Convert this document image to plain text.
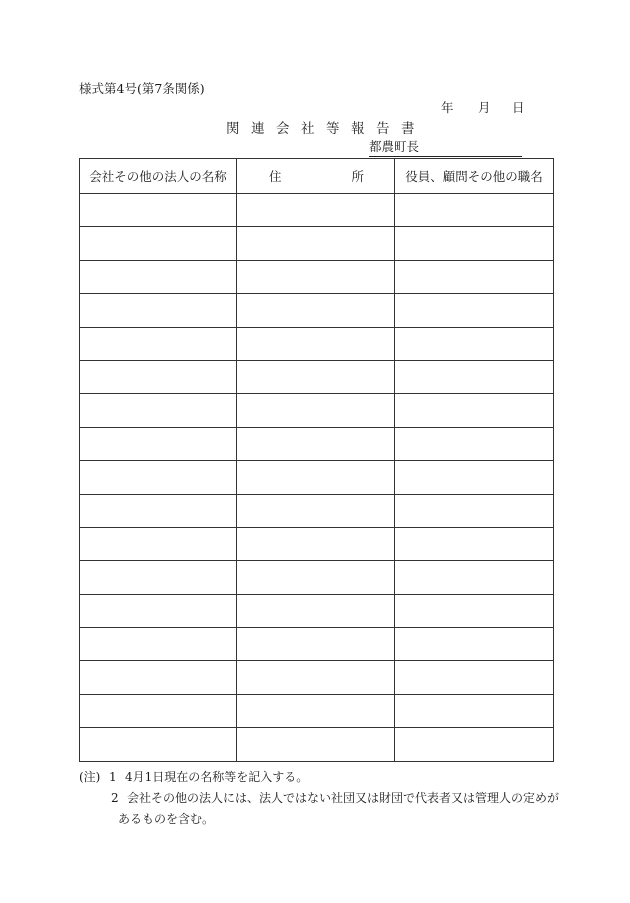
様式第4号(第7条関係)
年 月 日
関連会社等報告書
都農町長
会社その他の法人の名称	住 所	役員、顧問その他の職名

(注) 1 4月1日現在の名称等を記入する。
2 会社その他の法人には、法人ではない社団又は財団で代表者又は管理人の定めが
あるものを含む。
